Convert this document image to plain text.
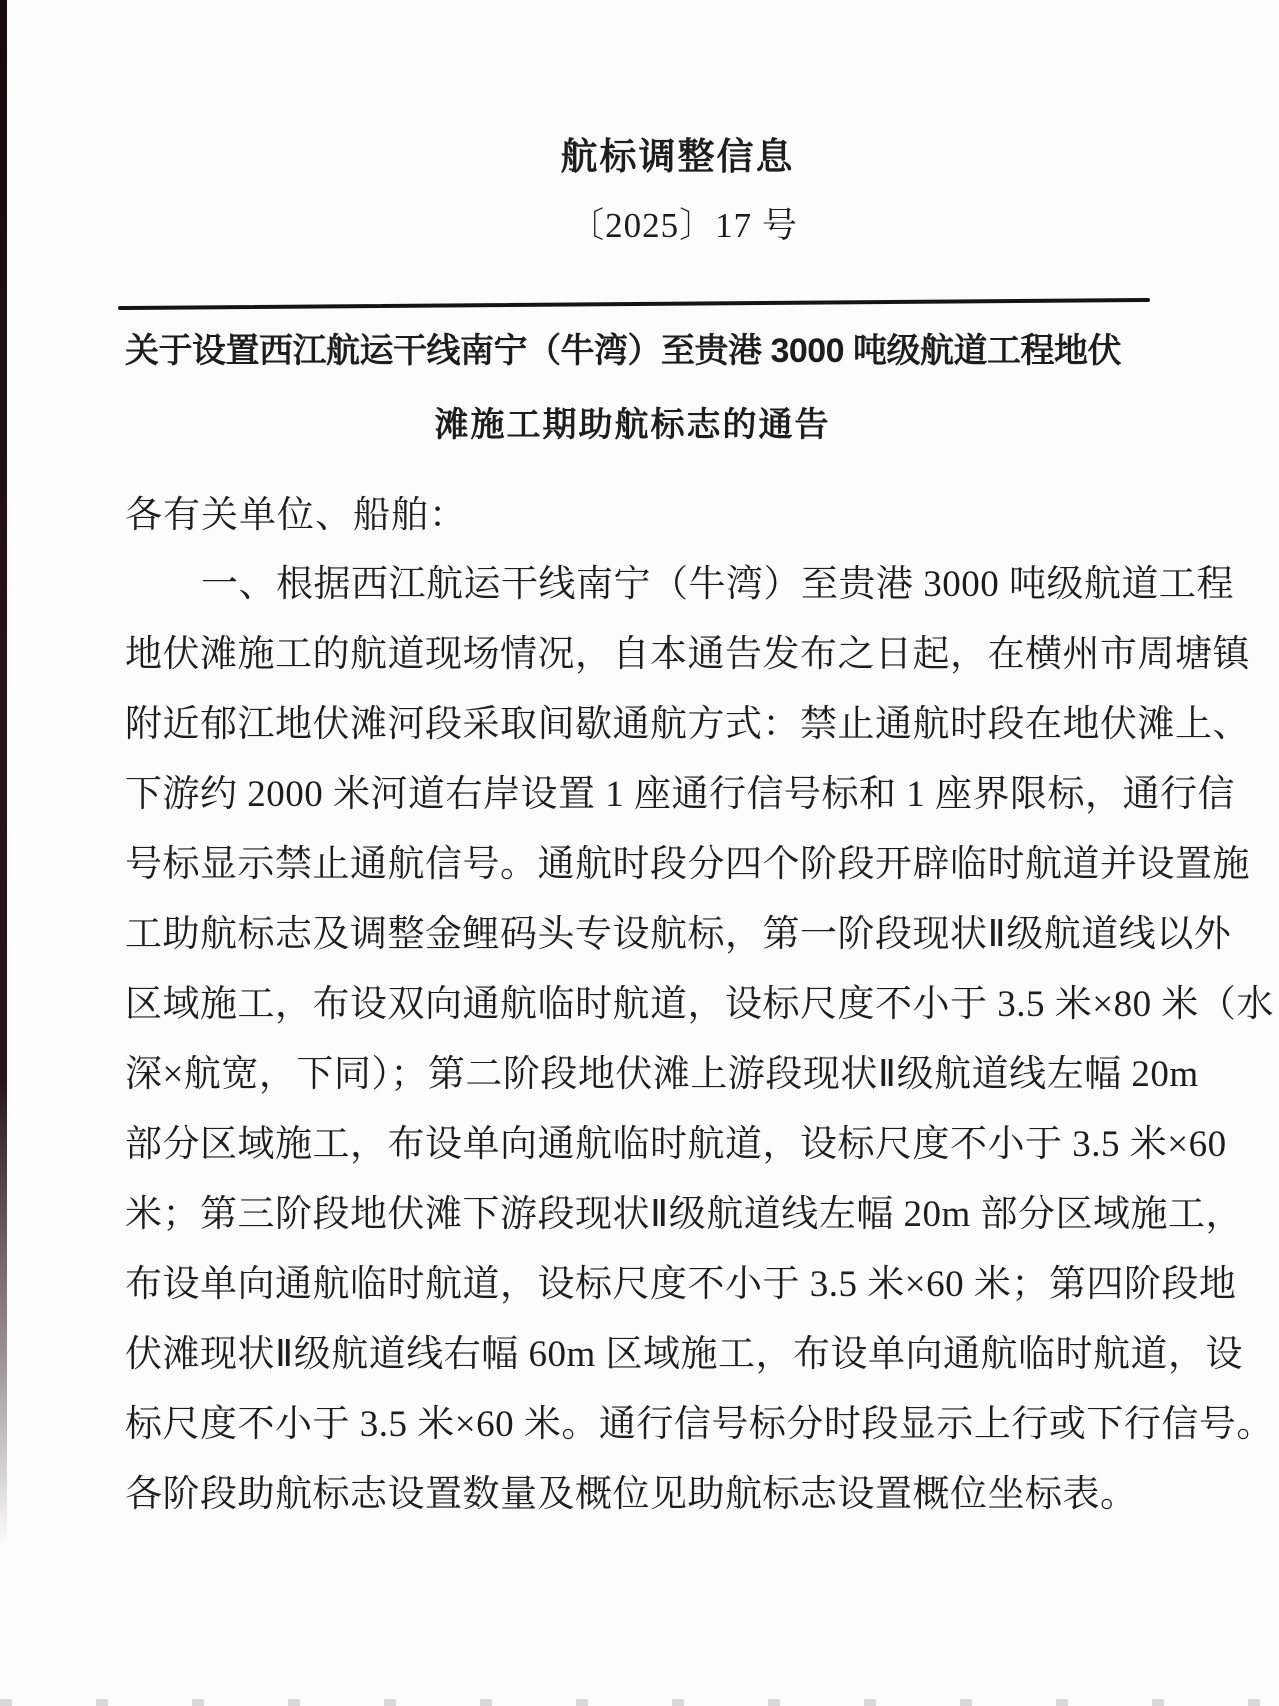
航标调整信息
〔2025〕17 号
关于设置西江航运干线南宁（牛湾）至贵港 3000 吨级航道工程地伏
滩施工期助航标志的通告
各有关单位、船舶：
一、根据西江航运干线南宁（牛湾）至贵港 3000 吨级航道工程
地伏滩施工的航道现场情况，自本通告发布之日起，在横州市周塘镇
附近郁江地伏滩河段采取间歇通航方式：禁止通航时段在地伏滩上、
下游约 2000 米河道右岸设置 1 座通行信号标和 1 座界限标，通行信
号标显示禁止通航信号。通航时段分四个阶段开辟临时航道并设置施
工助航标志及调整金鲤码头专设航标，第一阶段现状Ⅱ级航道线以外
区域施工，布设双向通航临时航道，设标尺度不小于 3.5 米×80 米（水
深×航宽，下同）；第二阶段地伏滩上游段现状Ⅱ级航道线左幅 20m
部分区域施工，布设单向通航临时航道，设标尺度不小于 3.5 米×60
米；第三阶段地伏滩下游段现状Ⅱ级航道线左幅 20m 部分区域施工，
布设单向通航临时航道，设标尺度不小于 3.5 米×60 米；第四阶段地
伏滩现状Ⅱ级航道线右幅 60m 区域施工，布设单向通航临时航道，设
标尺度不小于 3.5 米×60 米。通行信号标分时段显示上行或下行信号。
各阶段助航标志设置数量及概位见助航标志设置概位坐标表。
